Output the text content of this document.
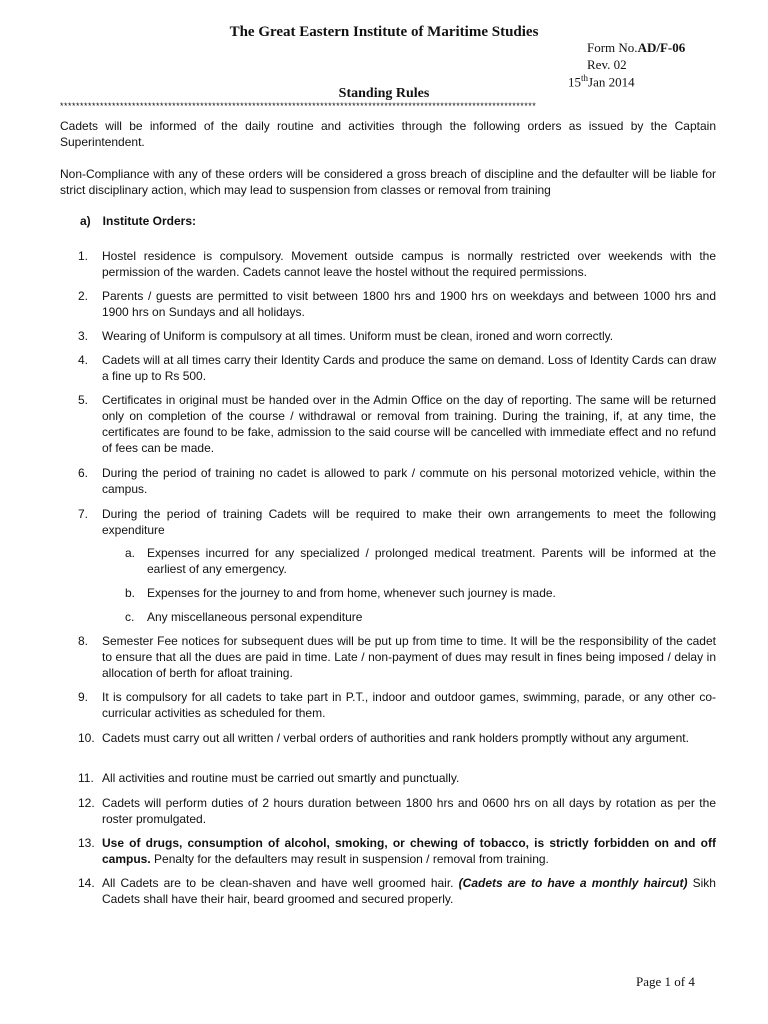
The Great Eastern Institute of Maritime Studies
Form No.AD/F-06
Rev. 02
15thJan 2014
Standing Rules
***********************************************************************************************************************
Cadets will be informed of the daily routine and activities through the following orders as issued by the Captain Superintendent.
Non-Compliance with any of these orders will be considered a gross breach of discipline and the defaulter will be liable for strict disciplinary action, which may lead to suspension from classes or removal from training
a) Institute Orders:
1.	Hostel residence is compulsory. Movement outside campus is normally restricted over weekends with the permission of the warden. Cadets cannot leave the hostel without the required permissions.
2.	Parents / guests are permitted to visit between 1800 hrs and 1900 hrs on weekdays and between 1000 hrs and 1900 hrs on Sundays and all holidays.
3.	Wearing of Uniform is compulsory at all times. Uniform must be clean, ironed and worn correctly.
4.	Cadets will at all times carry their Identity Cards and produce the same on demand. Loss of Identity Cards can draw a fine up to Rs 500.
5.	Certificates in original must be handed over in the Admin Office on the day of reporting. The same will be returned only on completion of the course / withdrawal or removal from training. During the training, if, at any time, the certificates are found to be fake, admission to the said course will be cancelled with immediate effect and no refund of fees can be made.
6.	During the period of training no cadet is allowed to park / commute on his personal motorized vehicle, within the campus.
7.	During the period of training Cadets will be required to make their own arrangements to meet the following expenditure
a. Expenses incurred for any specialized / prolonged medical treatment. Parents will be informed at the earliest of any emergency.
b. Expenses for the journey to and from home, whenever such journey is made.
c. Any miscellaneous personal expenditure
8.	Semester Fee notices for subsequent dues will be put up from time to time. It will be the responsibility of the cadet to ensure that all the dues are paid in time. Late / non-payment of dues may result in fines being imposed / delay in allocation of berth for afloat training.
9.	It is compulsory for all cadets to take part in P.T., indoor and outdoor games, swimming, parade, or any other co-curricular activities as scheduled for them.
10. Cadets must carry out all written / verbal orders of authorities and rank holders promptly without any argument.
11. All activities and routine must be carried out smartly and punctually.
12. Cadets will perform duties of 2 hours duration between 1800 hrs and 0600 hrs on all days by rotation as per the roster promulgated.
13. Use of drugs, consumption of alcohol, smoking, or chewing of tobacco, is strictly forbidden on and off campus. Penalty for the defaulters may result in suspension / removal from training.
14. All Cadets are to be clean-shaven and have well groomed hair. (Cadets are to have a monthly haircut) Sikh Cadets shall have their hair, beard groomed and secured properly.
Page 1 of 4
